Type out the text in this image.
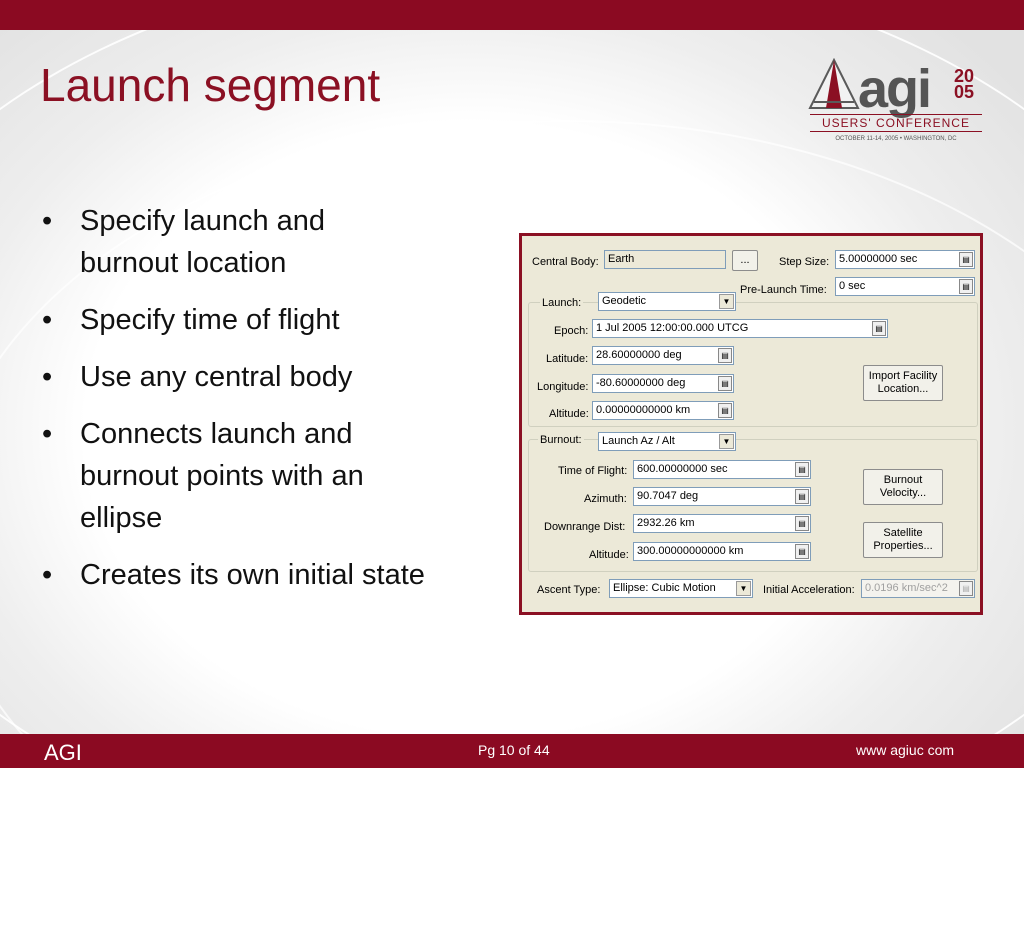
Launch segment	agi 20
05
USERS' CONFERENCE
OCTOBER 11-14, 2005 • WASHINGTON, DC
• Specify launch and burnout location
• Specify time of flight
• Use any central body
• Connects launch and burnout points with an ellipse
• Creates its own initial state
Central Body: Earth	...	Step Size: 5.00000000 sec	▤
Pre-Launch Time:	0 sec	▤
Launch:	Geodetic	▼
Epoch: 1 Jul 2005 12:00:00.000 UTCG	▤
Latitude: 28.60000000 deg	▤
Longitude: -80.60000000 deg	▤
Altitude: 0.00000000000 km	▤
Import Facility
Location...
Burnout:	Launch Az / Alt	▼
Time of Flight: 600.00000000 sec	▤
Azimuth: 90.7047 deg	▤
Downrange Dist:	2932.26 km	▤
Altitude: 300.00000000000 km	▤
Burnout
Velocity...
Satellite
Properties...
Ascent Type:	Ellipse: Cubic Motion	▼	Initial Acceleration: 0.0196 km/sec^2	▤
AGI	Pg 10 of 44	www agiuc com
